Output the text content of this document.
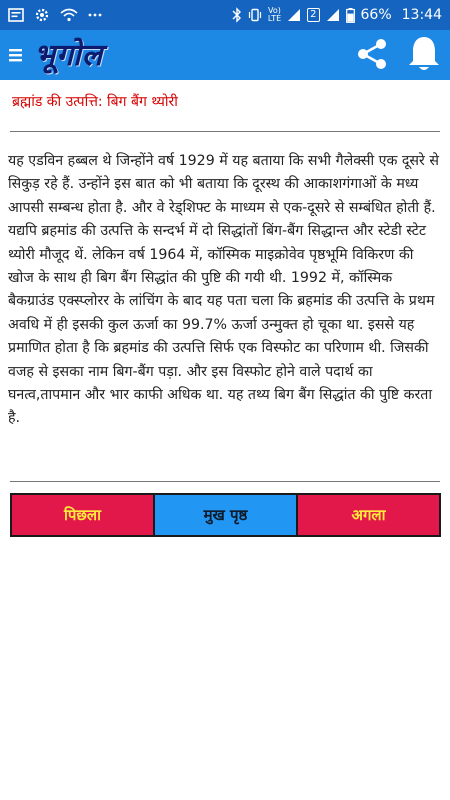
Vo)
LTE	2	66% 13:44
भूगोल
ब्रह्मांड की उत्पत्ति: बिग बैंग थ्योरी
यह एडविन हब्बल थे जिन्होंने वर्ष 1929 में यह बताया कि सभी गैलेक्सी एक दूसरे से सिकुड़ रहे हैं. उन्होंने इस बात को भी बताया कि दूरस्थ की आकाशगंगाओं के मध्य आपसी सम्बन्ध होता है. और वे रेड्शिफ्ट के माध्यम से एक-दूसरे से सम्बंधित होती हैं. यद्यपि ब्रहमांड की उत्पत्ति के सन्दर्भ में दो सिद्धांतों बिंग-बैंग सिद्धान्त और स्टेडी स्टेट थ्योरी मौजूद थें. लेकिन वर्ष 1964 में, कॉस्मिक माइक्रोवेव पृष्ठभूमि विकिरण की खोज के साथ ही बिग बैंग सिद्धांत की पुष्टि की गयी थी. 1992 में, कॉस्मिक बैकग्राउंड एक्स्प्लोरर के लांचिंग के बाद यह पता चला कि ब्रहमांड की उत्पत्ति के प्रथम अवधि में ही इसकी कुल ऊर्जा का 99.7% ऊर्जा उन्मुक्त हो चूका था. इससे यह प्रमाणित होता है कि ब्रहमांड की उत्पत्ति सिर्फ एक विस्फोट का परिणाम थी. जिसकी वजह से इसका नाम बिग-बैंग पड़ा. और इस विस्फोट होने वाले पदार्थ का घनत्व,तापमान और भार काफी अधिक था. यह तथ्य बिग बैंग सिद्धांत की पुष्टि करता है.
पिछला	मुख पृष्ठ	अगला
